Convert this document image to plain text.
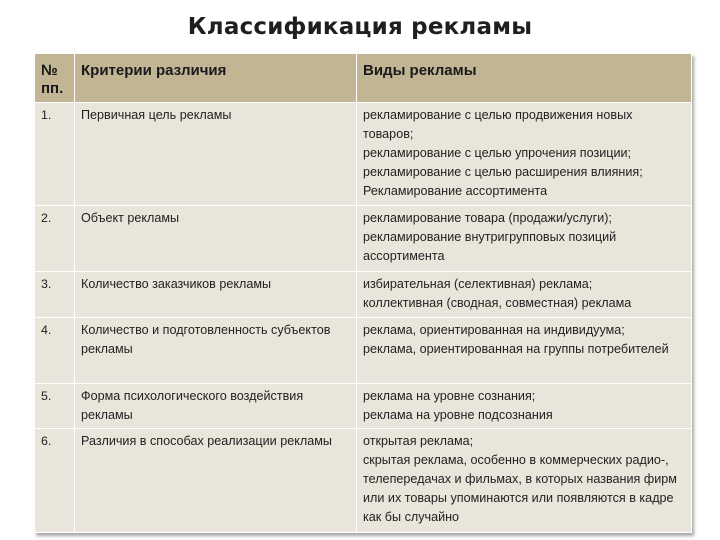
Классификация рекламы
№ пп.	Критерии различия	Виды рекламы
1.	Первичная цель рекламы	рекламирование с целью продвижения новых товаров;
рекламирование с целью упрочения позиции;
рекламирование с целью расширения влияния;
Рекламирование ассортимента

2.	Объект рекламы	рекламирование товара (продажи/услуги);
рекламирование внутригрупповых позиций ассортимента

3.	Количество заказчиков рекламы	избирательная (селективная) реклама;
коллективная (сводная, совместная) реклама

4.	Количество и подготовленность субъектов рекламы	реклама, ориентированная на индивидуума;
реклама, ориентированная на группы потребителей

5.	Форма психологического воздействия рекламы	реклама на уровне сознания;
реклама на уровне подсознания

6.	Различия в способах реализации рекламы	открытая реклама;
скрытая реклама, особенно в коммерческих радио-, телепередачах и фильмах, в которых названия фирм или их товары упоминаются или появляются в кадре как бы случайно
